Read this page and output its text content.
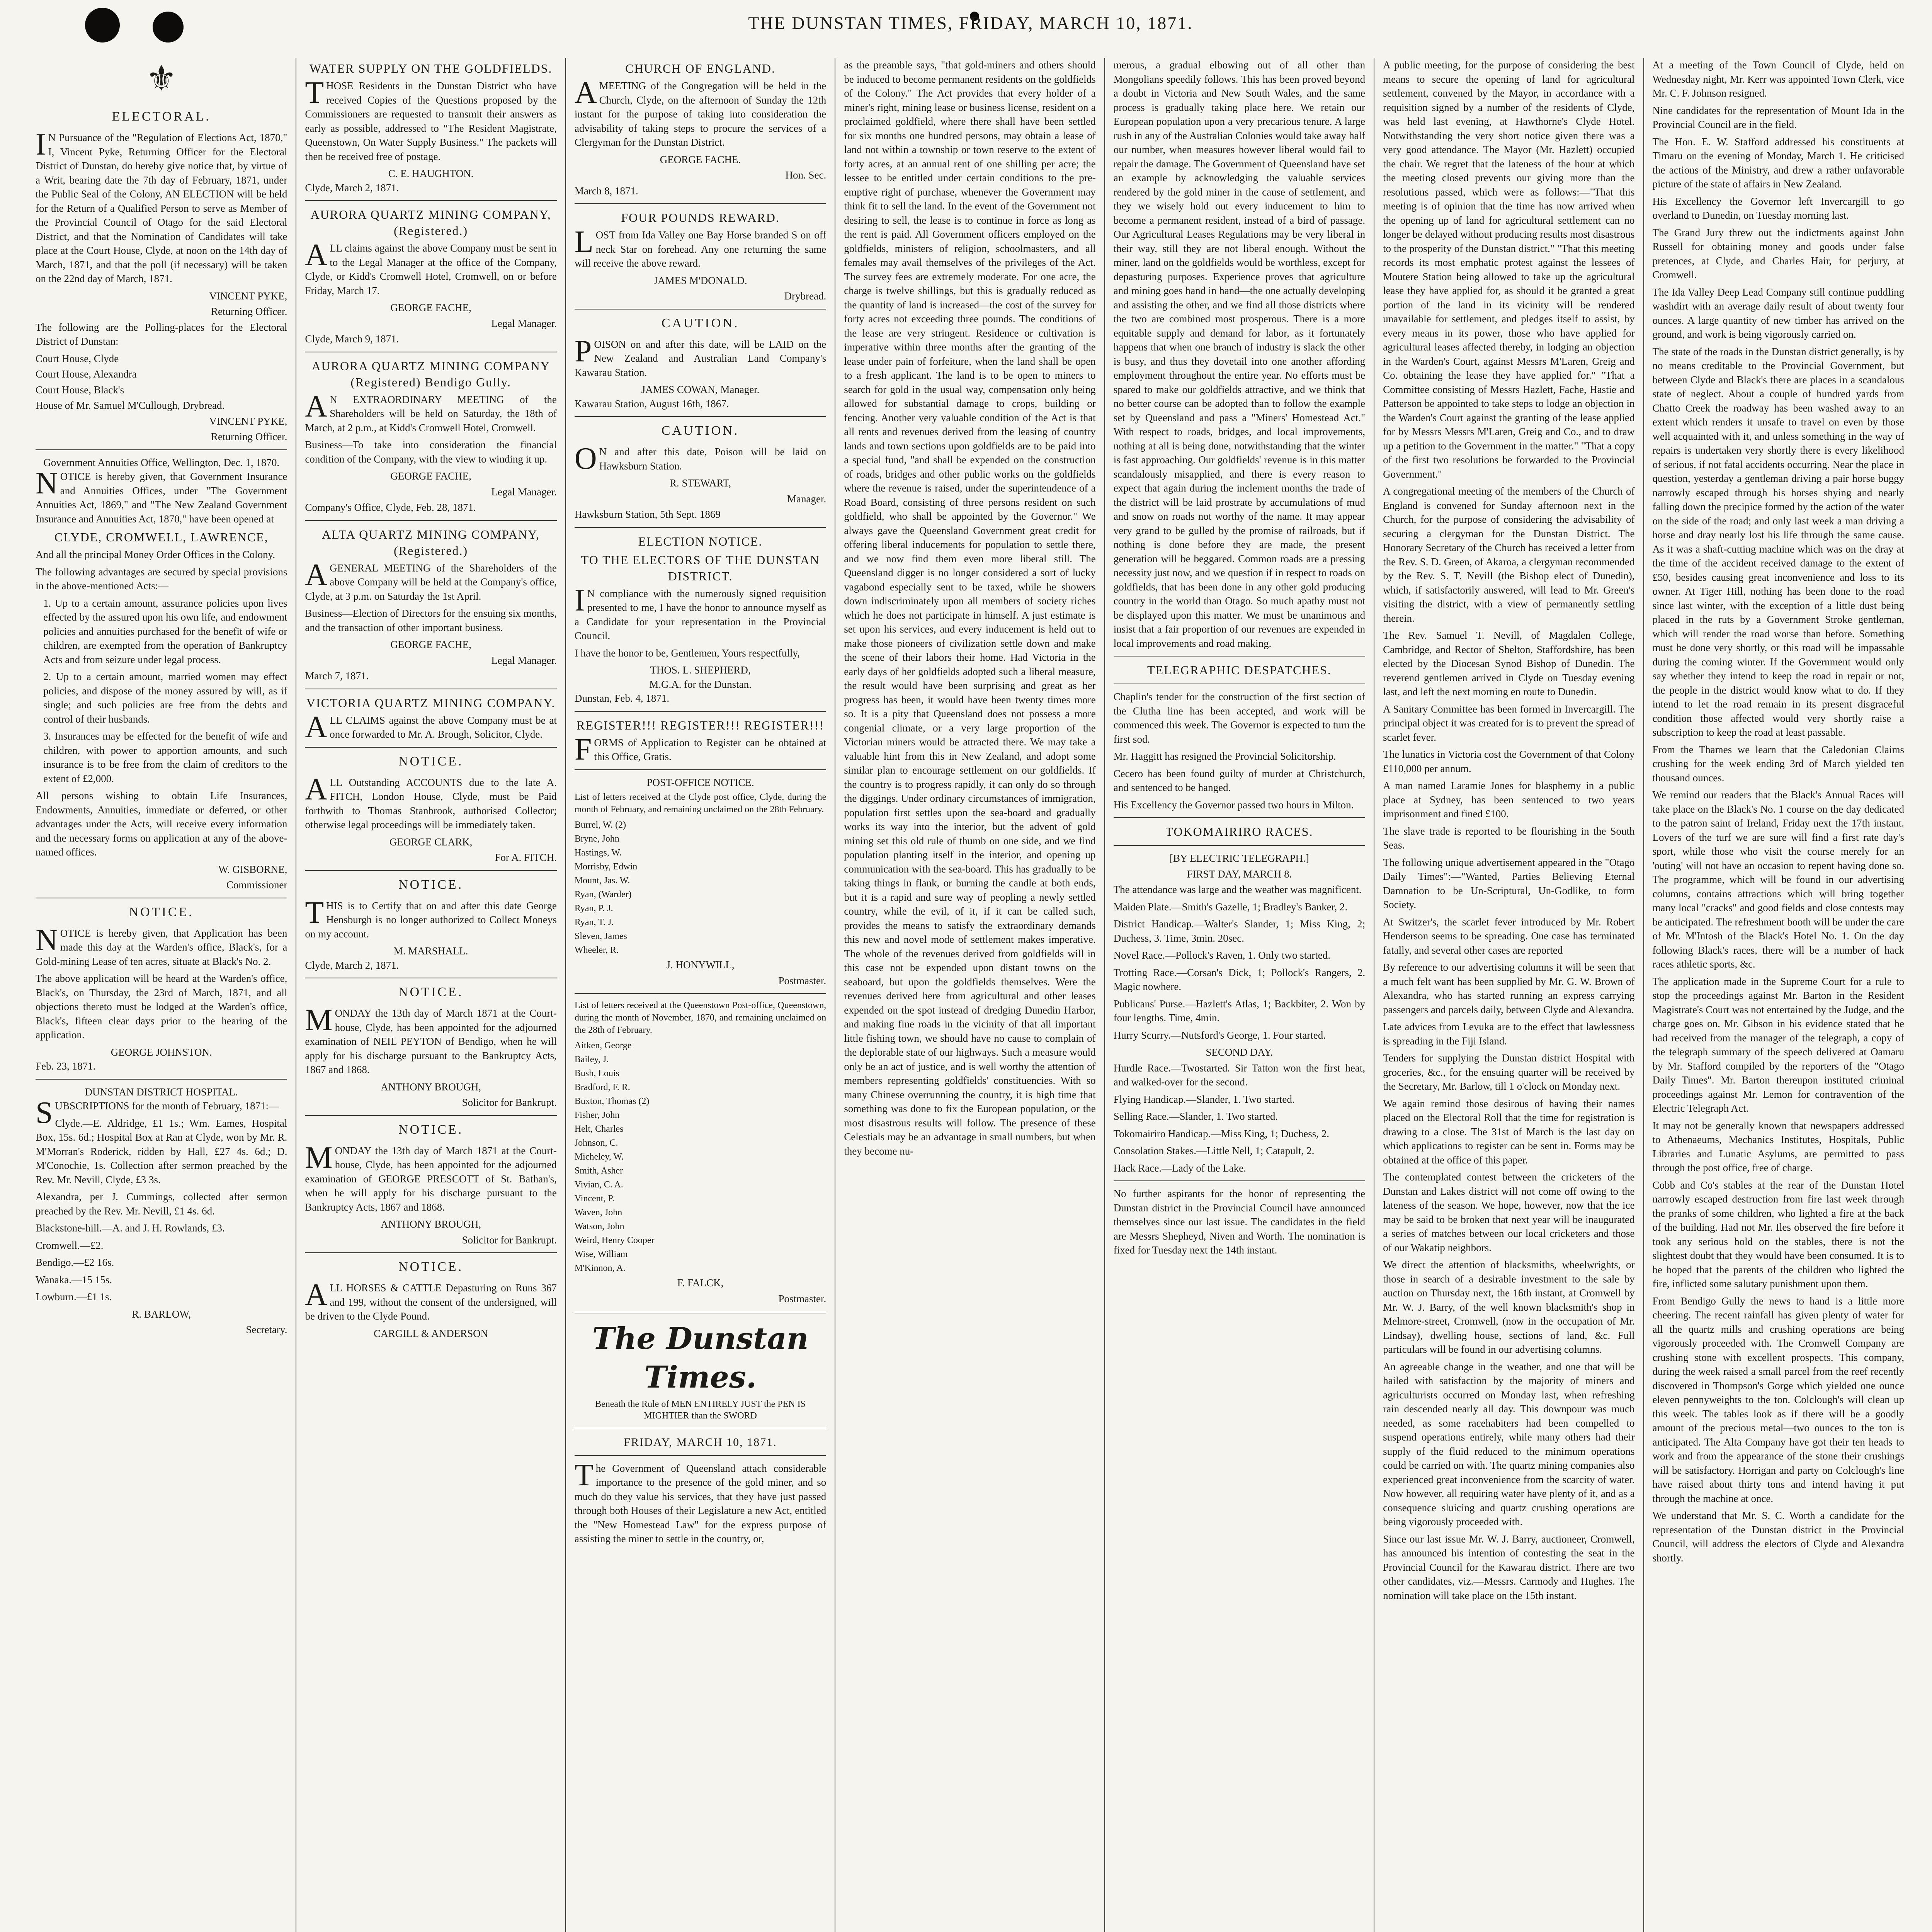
THE DUNSTAN TIMES, FRIDAY, MARCH 10, 1871.
⚜
ELECTORAL.

IN Pursuance of the "Regulation of Elections Act, 1870," I, Vincent Pyke, Returning Officer for the Electoral District of Dunstan, do hereby give notice that, by virtue of a Writ, bearing date the 7th day of February, 1871, under the Public Seal of the Colony, AN ELECTION will be held for the Return of a Qualified Person to serve as Member of the Provincial Council of Otago for the said Electoral District, and that the Nomination of Candidates will take place at the Court House, Clyde, at noon on the 14th day of March, 1871, and that the poll (if necessary) will be taken on the 22nd day of March, 1871.

VINCENT PYKE,
Returning Officer.

The following are the Polling-places for the Electoral District of Dunstan:

Court House, Clyde
Court House, Alexandra
Court House, Black's
House of Mr. Samuel M'Cullough, Drybread.
VINCENT PYKE,
Returning Officer.
Government Annuities Office, Wellington, Dec. 1, 1870.

NOTICE is hereby given, that Government Insurance and Annuities Offices, under "The Government Annuities Act, 1869," and "The New Zealand Government Insurance and Annuities Act, 1870," have been opened at

CLYDE, CROMWELL, LAWRENCE,

And all the principal Money Order Offices in the Colony.

The following advantages are secured by special provisions in the above-mentioned Acts:—

1. Up to a certain amount, assurance policies upon lives effected by the assured upon his own life, and endowment policies and annuities purchased for the benefit of wife or children, are exempted from the operation of Bankruptcy Acts and from seizure under legal process.

2. Up to a certain amount, married women may effect policies, and dispose of the money assured by will, as if single; and such policies are free from the debts and control of their husbands.

3. Insurances may be effected for the benefit of wife and children, with power to apportion amounts, and such insurance is to be free from the claim of creditors to the extent of £2,000.

All persons wishing to obtain Life Insurances, Endowments, Annuities, immediate or deferred, or other advantages under the Acts, will receive every information and the necessary forms on application at any of the above-named offices.

W. GISBORNE,
Commissioner
NOTICE.

NOTICE is hereby given, that Application has been made this day at the Warden's office, Black's, for a Gold-mining Lease of ten acres, situate at Black's No. 2.

The above application will be heard at the Warden's office, Black's, on Thursday, the 23rd of March, 1871, and all objections thereto must be lodged at the Warden's office, Black's, fifteen clear days prior to the hearing of the application.

GEORGE JOHNSTON.
Feb. 23, 1871.
DUNSTAN DISTRICT HOSPITAL.

SUBSCRIPTIONS for the month of February, 1871:—

Clyde.—E. Aldridge, £1 1s.; Wm. Eames, Hospital Box, 15s. 6d.; Hospital Box at Ran at Clyde, won by Mr. R. M'Morran's Roderick, ridden by Hall, £27 4s. 6d.; D. M'Conochie, 1s. Collection after sermon preached by the Rev. Mr. Nevill, Clyde, £3 3s.

Alexandra, per J. Cummings, collected after sermon preached by the Rev. Mr. Nevill, £1 4s. 6d.

Blackstone-hill.—A. and J. H. Rowlands, £3.

Cromwell.—£2.

Bendigo.—£2 16s.

Wanaka.—15 15s.

Lowburn.—£1 1s.

R. BARLOW,
Secretary.
WATER SUPPLY ON THE GOLDFIELDS.

THOSE Residents in the Dunstan District who have received Copies of the Questions proposed by the Commissioners are requested to transmit their answers as early as possible, addressed to "The Resident Magistrate, Queenstown, On Water Supply Business." The packets will then be received free of postage.

C. E. HAUGHTON.
Clyde, March 2, 1871.
AURORA QUARTZ MINING COMPANY, (Registered.)

ALL claims against the above Company must be sent in to the Legal Manager at the office of the Company, Clyde, or Kidd's Cromwell Hotel, Cromwell, on or before Friday, March 17.

GEORGE FACHE,
Legal Manager.
Clyde, March 9, 1871.
AURORA QUARTZ MINING COMPANY (Registered) Bendigo Gully.

AN EXTRAORDINARY MEETING of the Shareholders will be held on Saturday, the 18th of March, at 2 p.m., at Kidd's Cromwell Hotel, Cromwell.

Business—To take into consideration the financial condition of the Company, with the view to winding it up.

GEORGE FACHE,
Legal Manager.
Company's Office, Clyde, Feb. 28, 1871.
ALTA QUARTZ MINING COMPANY, (Registered.)

AGENERAL MEETING of the Shareholders of the above Company will be held at the Company's office, Clyde, at 3 p.m. on Saturday the 1st April.

Business—Election of Directors for the ensuing six months, and the transaction of other important business.

GEORGE FACHE,
Legal Manager.
March 7, 1871.
VICTORIA QUARTZ MINING COMPANY.

ALL CLAIMS against the above Company must be at once forwarded to Mr. A. Brough, Solicitor, Clyde.

NOTICE.

ALL Outstanding ACCOUNTS due to the late A. FITCH, London House, Clyde, must be Paid forthwith to Thomas Stanbrook, authorised Collector; otherwise legal proceedings will be immediately taken.

GEORGE CLARK,
For A. FITCH.
NOTICE.

THIS is to Certify that on and after this date George Hensburgh is no longer authorized to Collect Moneys on my account.

M. MARSHALL.
Clyde, March 2, 1871.
NOTICE.

MONDAY the 13th day of March 1871 at the Court-house, Clyde, has been appointed for the adjourned examination of NEIL PEYTON of Bendigo, when he will apply for his discharge pursuant to the Bankruptcy Acts, 1867 and 1868.

ANTHONY BROUGH,
Solicitor for Bankrupt.
NOTICE.

MONDAY the 13th day of March 1871 at the Court-house, Clyde, has been appointed for the adjourned examination of GEORGE PRESCOTT of St. Bathan's, when he will apply for his discharge pursuant to the Bankruptcy Acts, 1867 and 1868.

ANTHONY BROUGH,
Solicitor for Bankrupt.
NOTICE.

ALL HORSES & CATTLE Depasturing on Runs 367 and 199, without the consent of the undersigned, will be driven to the Clyde Pound.

CARGILL & ANDERSON
CHURCH OF ENGLAND.

AMEETING of the Congregation will be held in the Church, Clyde, on the afternoon of Sunday the 12th instant for the purpose of taking into consideration the advisability of taking steps to procure the services of a Clergyman for the Dunstan District.

GEORGE FACHE.
Hon. Sec.
March 8, 1871.
FOUR POUNDS REWARD.

LOST from Ida Valley one Bay Horse branded S on off neck Star on forehead. Any one returning the same will receive the above reward.

JAMES M'DONALD.
Drybread.
CAUTION.

POISON on and after this date, will be LAID on the New Zealand and Australian Land Company's Kawarau Station.

JAMES COWAN, Manager.
Kawarau Station, August 16th, 1867.
CAUTION.

ON and after this date, Poison will be laid on Hawksburn Station.

R. STEWART,
Manager.
Hawksburn Station, 5th Sept. 1869
ELECTION NOTICE.
TO THE ELECTORS OF THE DUNSTAN DISTRICT.

IN compliance with the numerously signed requisition presented to me, I have the honor to announce myself as a Candidate for your representation in the Provincial Council.

I have the honor to be, Gentlemen, Yours respectfully,

THOS. L. SHEPHERD,
M.G.A. for the Dunstan.
Dunstan, Feb. 4, 1871.
REGISTER!!! REGISTER!!! REGISTER!!!

FORMS of Application to Register can be obtained at this Office, Gratis.

POST-OFFICE NOTICE.

List of letters received at the Clyde post office, Clyde, during the month of February, and remaining unclaimed on the 28th February.

Burrel, W. (2)
Bryne, John
Hastings, W.
Morrisby, Edwin
Mount, Jas. W.
Ryan, (Warder)
Ryan, P. J.
Ryan, T. J.
Sleven, James
Wheeler, R.
J. HONYWILL,
Postmaster.

List of letters received at the Queenstown Post-office, Queenstown, during the month of November, 1870, and remaining unclaimed on the 28th of February.

Aitken, George
Bailey, J.
Bush, Louis
Bradford, F. R.
Buxton, Thomas (2)
Fisher, John
Helt, Charles
Johnson, C.
Micheley, W.
Smith, Asher
Vivian, C. A.
Vincent, P.
Waven, John
Watson, John
Weird, Henry Cooper
Wise, William
M'Kinnon, A.
F. FALCK,
Postmaster.
The Dunstan Times.
Beneath the Rule of MEN ENTIRELY JUST the PEN IS MIGHTIER than the SWORD
FRIDAY, MARCH 10, 1871.

The Government of Queensland attach considerable importance to the presence of the gold miner, and so much do they value his services, that they have just passed through both Houses of their Legislature a new Act, entitled the "New Homestead Law" for the express purpose of assisting the miner to settle in the country, or,

as the preamble says, "that gold-miners and others should be induced to become permanent residents on the goldfields of the Colony." The Act provides that every holder of a miner's right, mining lease or business license, resident on a proclaimed goldfield, where there shall have been settled for six months one hundred persons, may obtain a lease of land not within a township or town reserve to the extent of forty acres, at an annual rent of one shilling per acre; the lessee to be entitled under certain conditions to the pre-emptive right of purchase, whenever the Government may think fit to sell the land. In the event of the Government not desiring to sell, the lease is to continue in force as long as the rent is paid. All Government officers employed on the goldfields, ministers of religion, schoolmasters, and all females may avail themselves of the privileges of the Act. The survey fees are extremely moderate. For one acre, the charge is twelve shillings, but this is gradually reduced as the quantity of land is increased—the cost of the survey for forty acres not exceeding three pounds. The conditions of the lease are very stringent. Residence or cultivation is imperative within three months after the granting of the lease under pain of forfeiture, when the land shall be open to a fresh applicant. The land is to be open to miners to search for gold in the usual way, compensation only being allowed for substantial damage to crops, building or fencing. Another very valuable condition of the Act is that all rents and revenues derived from the leasing of country lands and town sections upon goldfields are to be paid into a special fund, "and shall be expended on the construction of roads, bridges and other public works on the goldfields where the revenue is raised, under the superintendence of a Road Board, consisting of three persons resident on such goldfield, who shall be appointed by the Governor." We always gave the Queensland Government great credit for offering liberal inducements for population to settle there, and we now find them even more liberal still. The Queensland digger is no longer considered a sort of lucky vagabond especially sent to be taxed, while he showers down indiscriminately upon all members of society riches which he does not participate in himself. A just estimate is set upon his services, and every inducement is held out to make those pioneers of civilization settle down and make the scene of their labors their home. Had Victoria in the early days of her goldfields adopted such a liberal measure, the result would have been surprising and great as her progress has been, it would have been twenty times more so. It is a pity that Queensland does not possess a more congenial climate, or a very large proportion of the Victorian miners would be attracted there. We may take a valuable hint from this in New Zealand, and adopt some similar plan to encourage settlement on our goldfields. If the country is to progress rapidly, it can only do so through the diggings. Under ordinary circumstances of immigration, population first settles upon the sea-board and gradually works its way into the interior, but the advent of gold mining set this old rule of thumb on one side, and we find population planting itself in the interior, and opening up communication with the sea-board. This has gradually to be taking things in flank, or burning the candle at both ends, but it is a rapid and sure way of peopling a newly settled country, while the evil, of it, if it can be called such, provides the means to satisfy the extraordinary demands this new and novel mode of settlement makes imperative. The whole of the revenues derived from goldfields will in this case not be expended upon distant towns on the seaboard, but upon the goldfields themselves. Were the revenues derived here from agricultural and other leases expended on the spot instead of dredging Dunedin Harbor, and making fine roads in the vicinity of that all important little fishing town, we should have no cause to complain of the deplorable state of our highways. Such a measure would only be an act of justice, and is well worthy the attention of members representing goldfields' constituencies. With so many Chinese overrunning the country, it is high time that something was done to fix the European population, or the most disastrous results will follow. The presence of these Celestials may be an advantage in small numbers, but when they become nu-

merous, a gradual elbowing out of all other than Mongolians speedily follows. This has been proved beyond a doubt in Victoria and New South Wales, and the same process is gradually taking place here. We retain our European population upon a very precarious tenure. A large rush in any of the Australian Colonies would take away half our number, when measures however liberal would fail to repair the damage. The Government of Queensland have set an example by acknowledging the valuable services rendered by the gold miner in the cause of settlement, and they we wisely hold out every inducement to him to become a permanent resident, instead of a bird of passage. Our Agricultural Leases Regulations may be very liberal in their way, still they are not liberal enough. Without the miner, land on the goldfields would be worthless, except for depasturing purposes. Experience proves that agriculture and mining goes hand in hand—the one actually developing and assisting the other, and we find all those districts where the two are combined most prosperous. There is a more equitable supply and demand for labor, as it fortunately happens that when one branch of industry is slack the other is busy, and thus they dovetail into one another affording employment throughout the entire year. No efforts must be spared to make our goldfields attractive, and we think that no better course can be adopted than to follow the example set by Queensland and pass a "Miners' Homestead Act." With respect to roads, bridges, and local improvements, nothing at all is being done, notwithstanding that the winter is fast approaching. Our goldfields' revenue is in this matter scandalously misapplied, and there is every reason to expect that again during the inclement months the trade of the district will be laid prostrate by accumulations of mud and snow on roads not worthy of the name. It may appear very grand to be gulled by the promise of railroads, but if nothing is done before they are made, the present generation will be beggared. Common roads are a pressing necessity just now, and we question if in respect to roads on goldfields, that has been done in any other gold producing country in the world than Otago. So much apathy must not be displayed upon this matter. We must be unanimous and insist that a fair proportion of our revenues are expended in local improvements and road making.

TELEGRAPHIC DESPATCHES.

Chaplin's tender for the construction of the first section of the Clutha line has been accepted, and work will be commenced this week. The Governor is expected to turn the first sod.

Mr. Haggitt has resigned the Provincial Solicitorship.

Cecero has been found guilty of murder at Christchurch, and sentenced to be hanged.

His Excellency the Governor passed two hours in Milton.

TOKOMAIRIRO RACES.
[BY ELECTRIC TELEGRAPH.]
FIRST DAY, MARCH 8.

The attendance was large and the weather was magnificent.

Maiden Plate.—Smith's Gazelle, 1; Bradley's Banker, 2.

District Handicap.—Walter's Slander, 1; Miss King, 2; Duchess, 3. Time, 3min. 20sec.

Novel Race.—Pollock's Raven, 1. Only two started.

Trotting Race.—Corsan's Dick, 1; Pollock's Rangers, 2. Magic nowhere.

Publicans' Purse.—Hazlett's Atlas, 1; Backbiter, 2. Won by four lengths. Time, 4min.

Hurry Scurry.—Nutsford's George, 1. Four started.

SECOND DAY.

Hurdle Race.—Twostarted. Sir Tatton won the first heat, and walked-over for the second.

Flying Handicap.—Slander, 1. Two started.

Selling Race.—Slander, 1. Two started.

Tokomairiro Handicap.—Miss King, 1; Duchess, 2.

Consolation Stakes.—Little Nell, 1; Catapult, 2.

Hack Race.—Lady of the Lake.

No further aspirants for the honor of representing the Dunstan district in the Provincial Council have announced themselves since our last issue. The candidates in the field are Messrs Shepheyd, Niven and Worth. The nomination is fixed for Tuesday next the 14th instant.

A public meeting, for the purpose of considering the best means to secure the opening of land for agricultural settlement, convened by the Mayor, in accordance with a requisition signed by a number of the residents of Clyde, was held last evening, at Hawthorne's Clyde Hotel. Notwithstanding the very short notice given there was a very good attendance. The Mayor (Mr. Hazlett) occupied the chair. We regret that the lateness of the hour at which the meeting closed prevents our giving more than the resolutions passed, which were as follows:—"That this meeting is of opinion that the time has now arrived when the opening up of land for agricultural settlement can no longer be delayed without producing results most disastrous to the prosperity of the Dunstan district." "That this meeting records its most emphatic protest against the lessees of Moutere Station being allowed to take up the agricultural lease they have applied for, as should it be granted a great portion of the land in its vicinity will be rendered unavailable for settlement, and pledges itself to assist, by every means in its power, those who have applied for agricultural leases affected thereby, in lodging an objection in the Warden's Court, against Messrs M'Laren, Greig and Co. obtaining the lease they have applied for." "That a Committee consisting of Messrs Hazlett, Fache, Hastie and Patterson be appointed to take steps to lodge an objection in the Warden's Court against the granting of the lease applied for by Messrs Messrs M'Laren, Greig and Co., and to draw up a petition to the Government in the matter." "That a copy of the first two resolutions be forwarded to the Provincial Government."

A congregational meeting of the members of the Church of England is convened for Sunday afternoon next in the Church, for the purpose of considering the advisability of securing a clergyman for the Dunstan District. The Honorary Secretary of the Church has received a letter from the Rev. S. D. Green, of Akaroa, a clergyman recommended by the Rev. S. T. Nevill (the Bishop elect of Dunedin), which, if satisfactorily answered, will lead to Mr. Green's visiting the district, with a view of permanently settling therein.

The Rev. Samuel T. Nevill, of Magdalen College, Cambridge, and Rector of Shelton, Staffordshire, has been elected by the Diocesan Synod Bishop of Dunedin. The reverend gentlemen arrived in Clyde on Tuesday evening last, and left the next morning en route to Dunedin.

A Sanitary Committee has been formed in Invercargill. The principal object it was created for is to prevent the spread of scarlet fever.

The lunatics in Victoria cost the Government of that Colony £110,000 per annum.

A man named Laramie Jones for blasphemy in a public place at Sydney, has been sentenced to two years imprisonment and fined £100.

The slave trade is reported to be flourishing in the South Seas.

The following unique advertisement appeared in the "Otago Daily Times":—"Wanted, Parties Believing Eternal Damnation to be Un-Scriptural, Un-Godlike, to form Society.

At Switzer's, the scarlet fever introduced by Mr. Robert Henderson seems to be spreading. One case has terminated fatally, and several other cases are reported

By reference to our advertising columns it will be seen that a much felt want has been supplied by Mr. G. W. Brown of Alexandra, who has started running an express carrying passengers and parcels daily, between Clyde and Alexandra.

Late advices from Levuka are to the effect that lawlessness is spreading in the Fiji Island.

Tenders for supplying the Dunstan district Hospital with groceries, &c., for the ensuing quarter will be received by the Secretary, Mr. Barlow, till 1 o'clock on Monday next.

We again remind those desirous of having their names placed on the Electoral Roll that the time for registration is drawing to a close. The 31st of March is the last day on which applications to register can be sent in. Forms may be obtained at the office of this paper.

The contemplated contest between the cricketers of the Dunstan and Lakes district will not come off owing to the lateness of the season. We hope, however, now that the ice may be said to be broken that next year will be inaugurated a series of matches between our local cricketers and those of our Wakatip neighbors.

We direct the attention of blacksmiths, wheelwrights, or those in search of a desirable investment to the sale by auction on Thursday next, the 16th instant, at Cromwell by Mr. W. J. Barry, of the well known blacksmith's shop in Melmore-street, Cromwell, (now in the occupation of Mr. Lindsay), dwelling house, sections of land, &c. Full particulars will be found in our advertising columns.

An agreeable change in the weather, and one that will be hailed with satisfaction by the majority of miners and agriculturists occurred on Monday last, when refreshing rain descended nearly all day. This downpour was much needed, as some racehabiters had been compelled to suspend operations entirely, while many others had their supply of the fluid reduced to the minimum operations could be carried on with. The quartz mining companies also experienced great inconvenience from the scarcity of water. Now however, all requiring water have plenty of it, and as a consequence sluicing and quartz crushing operations are being vigorously proceeded with.

Since our last issue Mr. W. J. Barry, auctioneer, Cromwell, has announced his intention of contesting the seat in the Provincial Council for the Kawarau district. There are two other candidates, viz.—Messrs. Carmody and Hughes. The nomination will take place on the 15th instant.

At a meeting of the Town Council of Clyde, held on Wednesday night, Mr. Kerr was appointed Town Clerk, vice Mr. C. F. Johnson resigned.

Nine candidates for the representation of Mount Ida in the Provincial Council are in the field.

The Hon. E. W. Stafford addressed his constituents at Timaru on the evening of Monday, March 1. He criticised the actions of the Ministry, and drew a rather unfavorable picture of the state of affairs in New Zealand.

His Excellency the Governor left Invercargill to go overland to Dunedin, on Tuesday morning last.

The Grand Jury threw out the indictments against John Russell for obtaining money and goods under false pretences, at Clyde, and Charles Hair, for perjury, at Cromwell.

The Ida Valley Deep Lead Company still continue puddling washdirt with an average daily result of about twenty four ounces. A large quantity of new timber has arrived on the ground, and work is being vigorously carried on.

The state of the roads in the Dunstan district generally, is by no means creditable to the Provincial Government, but between Clyde and Black's there are places in a scandalous state of neglect. About a couple of hundred yards from Chatto Creek the roadway has been washed away to an extent which renders it unsafe to travel on even by those well acquainted with it, and unless something in the way of repairs is undertaken very shortly there is every likelihood of serious, if not fatal accidents occurring. Near the place in question, yesterday a gentleman driving a pair horse buggy narrowly escaped through his horses shying and nearly falling down the precipice formed by the action of the water on the side of the road; and only last week a man driving a horse and dray nearly lost his life through the same cause. As it was a shaft-cutting machine which was on the dray at the time of the accident received damage to the extent of £50, besides causing great inconvenience and loss to its owner. At Tiger Hill, nothing has been done to the road since last winter, with the exception of a little dust being placed in the ruts by a Government Stroke gentleman, which will render the road worse than before. Something must be done very shortly, or this road will be impassable during the coming winter. If the Government would only say whether they intend to keep the road in repair or not, the people in the district would know what to do. If they intend to let the road remain in its present disgraceful condition those affected would very shortly raise a subscription to keep the road at least passable.

From the Thames we learn that the Caledonian Claims crushing for the week ending 3rd of March yielded ten thousand ounces.

We remind our readers that the Black's Annual Races will take place on the Black's No. 1 course on the day dedicated to the patron saint of Ireland, Friday next the 17th instant. Lovers of the turf we are sure will find a first rate day's sport, while those who visit the course merely for an 'outing' will not have an occasion to repent having done so. The programme, which will be found in our advertising columns, contains attractions which will bring together many local "cracks" and good fields and close contests may be anticipated. The refreshment booth will be under the care of Mr. M'Intosh of the Black's Hotel No. 1. On the day following Black's races, there will be a number of hack races athletic sports, &c.

The application made in the Supreme Court for a rule to stop the proceedings against Mr. Barton in the Resident Magistrate's Court was not entertained by the Judge, and the charge goes on. Mr. Gibson in his evidence stated that he had received from the manager of the telegraph, a copy of the telegraph summary of the speech delivered at Oamaru by Mr. Stafford compiled by the reporters of the "Otago Daily Times". Mr. Barton thereupon instituted criminal proceedings against Mr. Lemon for contravention of the Electric Telegraph Act.

It may not be generally known that newspapers addressed to Athenaeums, Mechanics Institutes, Hospitals, Public Libraries and Lunatic Asylums, are permitted to pass through the post office, free of charge.

Cobb and Co's stables at the rear of the Dunstan Hotel narrowly escaped destruction from fire last week through the pranks of some children, who lighted a fire at the back of the building. Had not Mr. Iles observed the fire before it took any serious hold on the stables, there is not the slightest doubt that they would have been consumed. It is to be hoped that the parents of the children who lighted the fire, inflicted some salutary punishment upon them.

From Bendigo Gully the news to hand is a little more cheering. The recent rainfall has given plenty of water for all the quartz mills and crushing operations are being vigorously proceeded with. The Cromwell Company are crushing stone with excellent prospects. This company, during the week raised a small parcel from the reef recently discovered in Thompson's Gorge which yielded one ounce eleven pennyweights to the ton. Colclough's will clean up this week. The tables look as if there will be a goodly amount of the precious metal—two ounces to the ton is anticipated. The Alta Company have got their ten heads to work and from the appearance of the stone their crushings will be satisfactory. Horrigan and party on Colclough's line have raised about thirty tons and intend having it put through the machine at once.

We understand that Mr. S. C. Worth a candidate for the representation of the Dunstan district in the Provincial Council, will address the electors of Clyde and Alexandra shortly.
